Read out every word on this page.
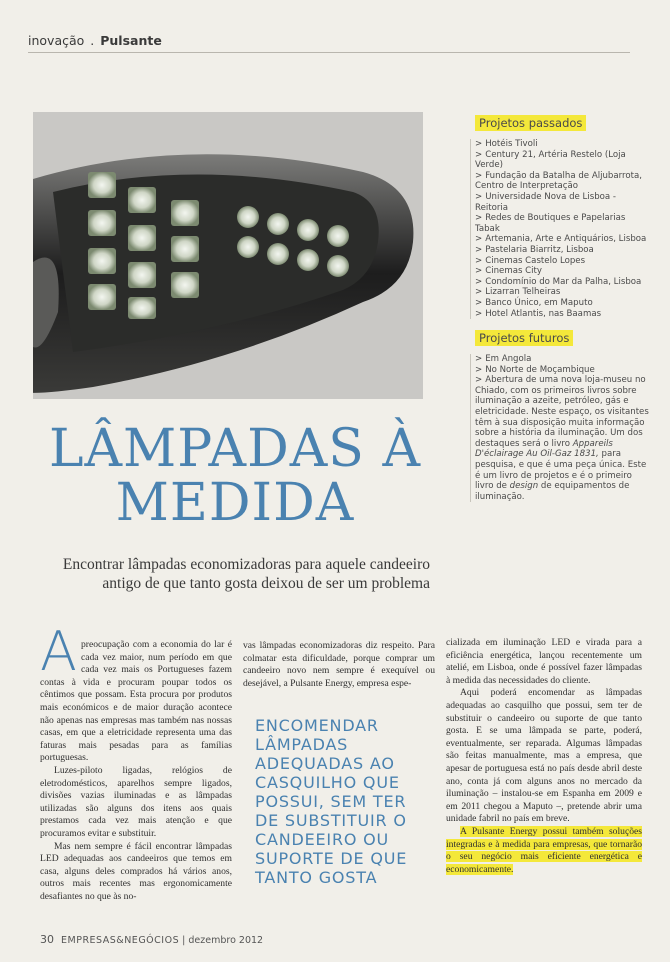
inovação . Pulsante
Projetos passados
> Hotéis Tivoli
> Century 21, Artéria Restelo (Loja Verde)
> Fundação da Batalha de Aljubarrota, Centro de Interpretação
> Universidade Nova de Lisboa - Reitoria
> Redes de Boutiques e Papelarias Tabak
> Artemania, Arte e Antiquários, Lisboa
> Pastelaria Biarritz, Lisboa
> Cinemas Castelo Lopes
> Cinemas City
> Condomínio do Mar da Palha, Lisboa
> Lizarran Telheiras
> Banco Único, em Maputo
> Hotel Atlantis, nas Baamas
Projetos futuros
> Em Angola
> No Norte de Moçambique
> Abertura de uma nova loja-museu no Chiado, com os primeiros livros sobre iluminação a azeite, petróleo, gás e eletricidade. Neste espaço, os visitantes têm à sua disposição muita informação sobre a história da iluminação. Um dos destaques será o livro Appareils D'éclairage Au Oil-Gaz 1831, para pesquisa, e que é uma peça única. Este é um livro de projetos e é o primeiro livro de design de equipamentos de iluminação.
LÂMPADAS À
MEDIDA

Encontrar lâmpadas economizadoras para aquele candeeiro antigo de que tanto gosta deixou de ser um problema

A preocupação com a economia do lar é cada vez maior, num período em que cada vez mais os Portugueses fazem contas à vida e procuram poupar todos os cêntimos que possam. Esta procura por produtos mais económicos e de maior duração acontece não apenas nas empresas mas também nas nossas casas, em que a eletricidade representa uma das faturas mais pesadas para as famílias portuguesas.

Luzes-piloto ligadas, relógios de eletrodomésticos, aparelhos sempre ligados, divisões vazias iluminadas e as lâmpadas utilizadas são alguns dos itens aos quais prestamos cada vez mais atenção e que procuramos evitar e substituir.

Mas nem sempre é fácil encontrar lâmpadas LED adequadas aos candeeiros que temos em casa, alguns deles comprados há vários anos, outros mais recentes mas ergonomicamente desafiantes no que às no-

vas lâmpadas economizadoras diz respeito. Para colmatar esta dificuldade, porque comprar um candeeiro novo nem sempre é exequível ou desejável, a Pulsante Energy, empresa espe-

ENCOMENDAR LÂMPADAS ADEQUADAS AO CASQUILHO QUE POSSUI, SEM TER DE SUBSTITUIR O CANDEEIRO OU SUPORTE DE QUE TANTO GOSTA

cializada em iluminação LED e virada para a eficiência energética, lançou recentemente um atelié, em Lisboa, onde é possível fazer lâmpadas à medida das necessidades do cliente.

Aqui poderá encomendar as lâmpadas adequadas ao casquilho que possui, sem ter de substituir o candeeiro ou suporte de que tanto gosta. E se uma lâmpada se parte, poderá, eventualmente, ser reparada. Algumas lâmpadas são feitas manualmente, mas a empresa, que apesar de portuguesa está no país desde abril deste ano, conta já com alguns anos no mercado da iluminação – instalou-se em Espanha em 2009 e em 2011 chegou a Maputo –, pretende abrir uma unidade fabril no país em breve.

A Pulsante Energy possui também soluções integradas e à medida para empresas, que tornarão o seu negócio mais eficiente energética e economicamente.

30 EMPRESAS&NEGÓCIOS | dezembro 2012
